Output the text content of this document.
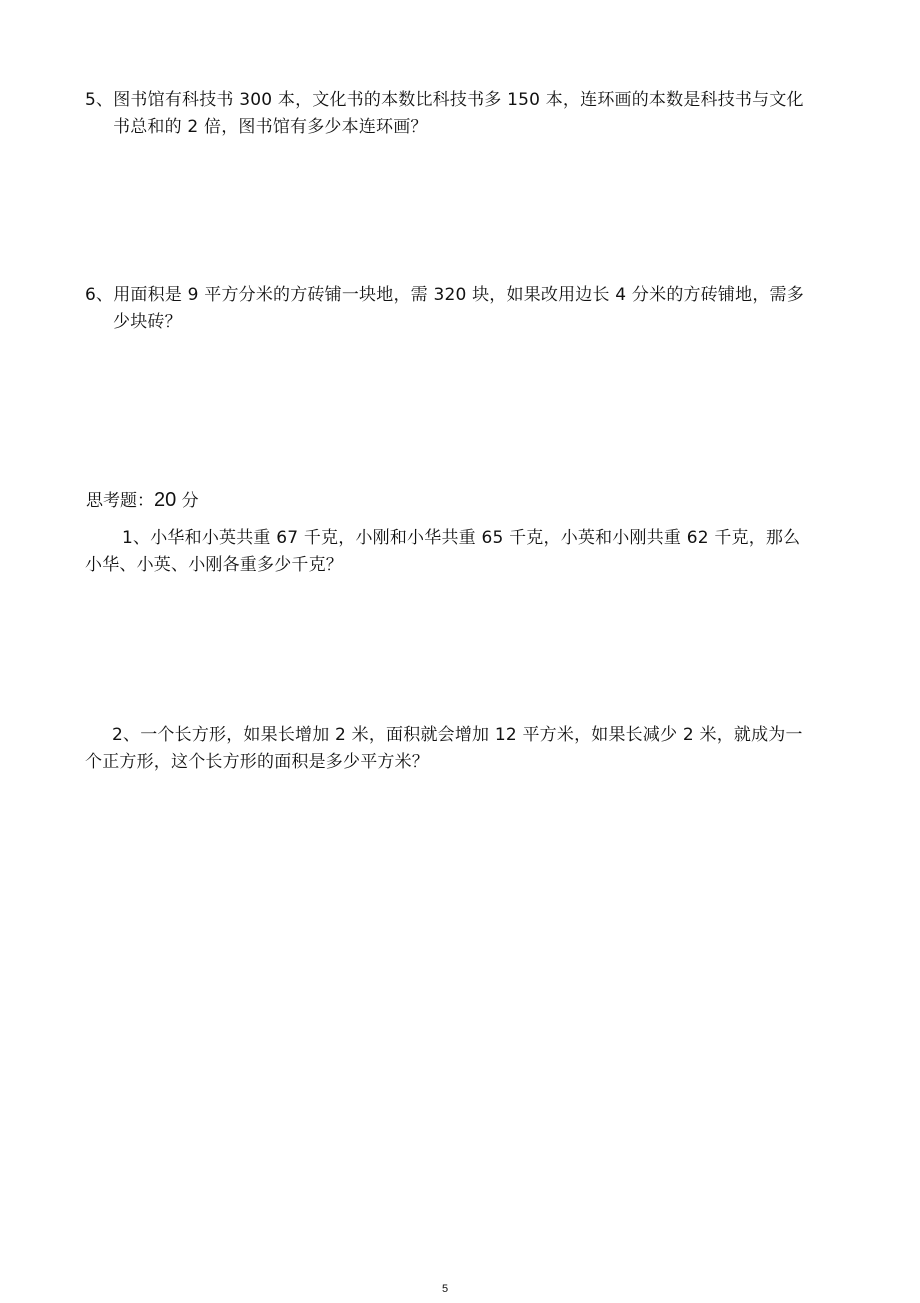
5、图书馆有科技书 300 本，文化书的本数比科技书多 150 本，连环画的本数是科技书与文化
书总和的 2 倍，图书馆有多少本连环画？
6、用面积是 9 平方分米的方砖铺一块地，需 320 块，如果改用边长 4 分米的方砖铺地，需多
少块砖？
思考题：20 分
1、小华和小英共重 67 千克，小刚和小华共重 65 千克，小英和小刚共重 62 千克，那么
小华、小英、小刚各重多少千克？
2、一个长方形，如果长增加 2 米，面积就会增加 12 平方米，如果长减少 2 米，就成为一
个正方形，这个长方形的面积是多少平方米？
5
